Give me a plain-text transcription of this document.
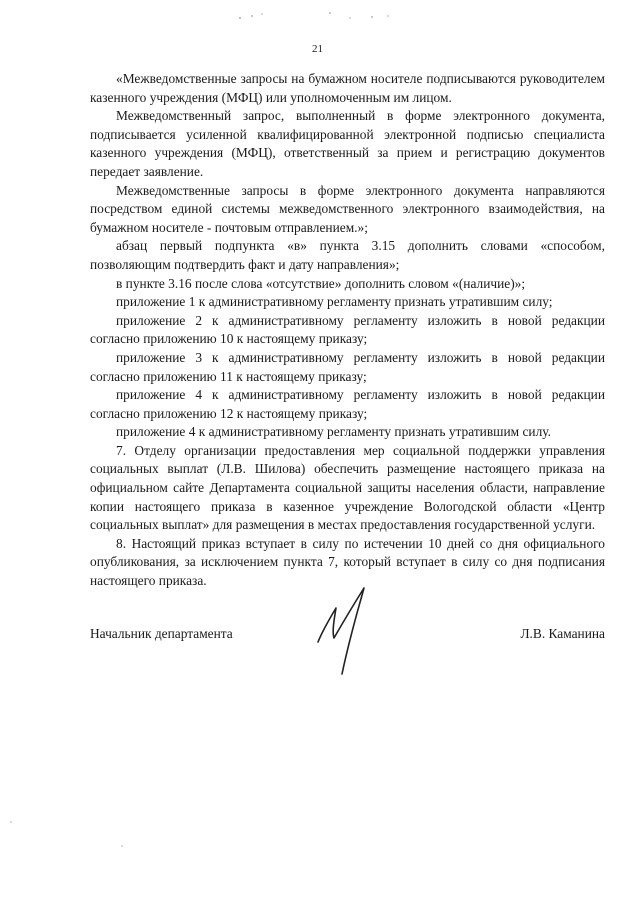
21

«Межведомственные запросы на бумажном носителе подписываются руководителем казенного учреждения (МФЦ) или уполномоченным им лицом.

Межведомственный запрос, выполненный в форме электронного документа, подписывается усиленной квалифицированной электронной подписью специалиста казенного учреждения (МФЦ), ответственный за прием и регистрацию документов передает заявление.

Межведомственные запросы в форме электронного документа направляются посредством единой системы межведомственного электронного взаимодействия, на бумажном носителе - почтовым отправлением.»;

абзац первый подпункта «в» пункта 3.15 дополнить словами «способом, позволяющим подтвердить факт и дату направления»;

в пункте 3.16 после слова «отсутствие» дополнить словом «(наличие)»;

приложение 1 к административному регламенту признать утратившим силу;

приложение 2 к административному регламенту изложить в новой редакции согласно приложению 10 к настоящему приказу;

приложение 3 к административному регламенту изложить в новой редакции согласно приложению 11 к настоящему приказу;

приложение 4 к административному регламенту изложить в новой редакции согласно приложению 12 к настоящему приказу;

приложение 4 к административному регламенту признать утратившим силу.

7. Отделу организации предоставления мер социальной поддержки управления социальных выплат (Л.В. Шилова) обеспечить размещение настоящего приказа на официальном сайте Департамента социальной защиты населения области, направление копии настоящего приказа в казенное учреждение Вологодской области «Центр социальных выплат» для размещения в местах предоставления государственной услуги.

8. Настоящий приказ вступает в силу по истечении 10 дней со дня официального опубликования, за исключением пункта 7, который вступает в силу со дня подписания настоящего приказа.

Начальник департамента	Л.В. Каманина
